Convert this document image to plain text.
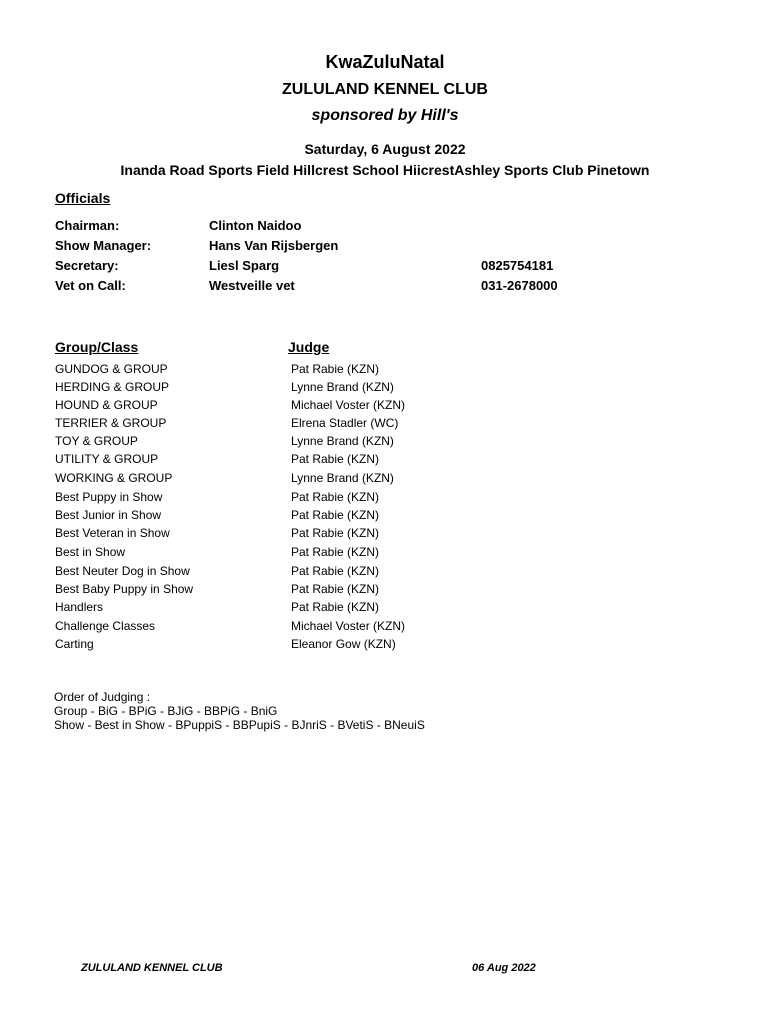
KwaZuluNatal
ZULULAND KENNEL CLUB
sponsored by Hill's
Saturday, 6 August 2022
Inanda Road Sports Field Hillcrest School HiicrestAshley Sports Club Pinetown
Officials
Chairman:	Clinton Naidoo
Show Manager:	Hans Van Rijsbergen
Secretary:	Liesl Sparg	0825754181
Vet on Call:	Westveille vet	031-2678000
Group/Class	Judge
GUNDOG & GROUP	Pat Rabie (KZN)
HERDING & GROUP	Lynne Brand (KZN)
HOUND & GROUP	Michael Voster (KZN)
TERRIER & GROUP	Elrena Stadler (WC)
TOY & GROUP	Lynne Brand (KZN)
UTILITY & GROUP	Pat Rabie (KZN)
WORKING & GROUP	Lynne Brand (KZN)
Best Puppy in Show	Pat Rabie (KZN)
Best Junior in Show	Pat Rabie (KZN)
Best Veteran in Show	Pat Rabie (KZN)
Best in Show	Pat Rabie (KZN)
Best Neuter Dog in Show	Pat Rabie (KZN)
Best Baby Puppy in Show	Pat Rabie (KZN)
Handlers	Pat Rabie (KZN)
Challenge Classes	Michael Voster (KZN)
Carting	Eleanor Gow (KZN)
Order of Judging :
Group - BiG - BPiG - BJiG - BBPiG - BniG
Show - Best in Show - BPuppiS - BBPupiS - BJnriS - BVetiS - BNeuiS
ZULULAND KENNEL CLUB	06 Aug 2022
